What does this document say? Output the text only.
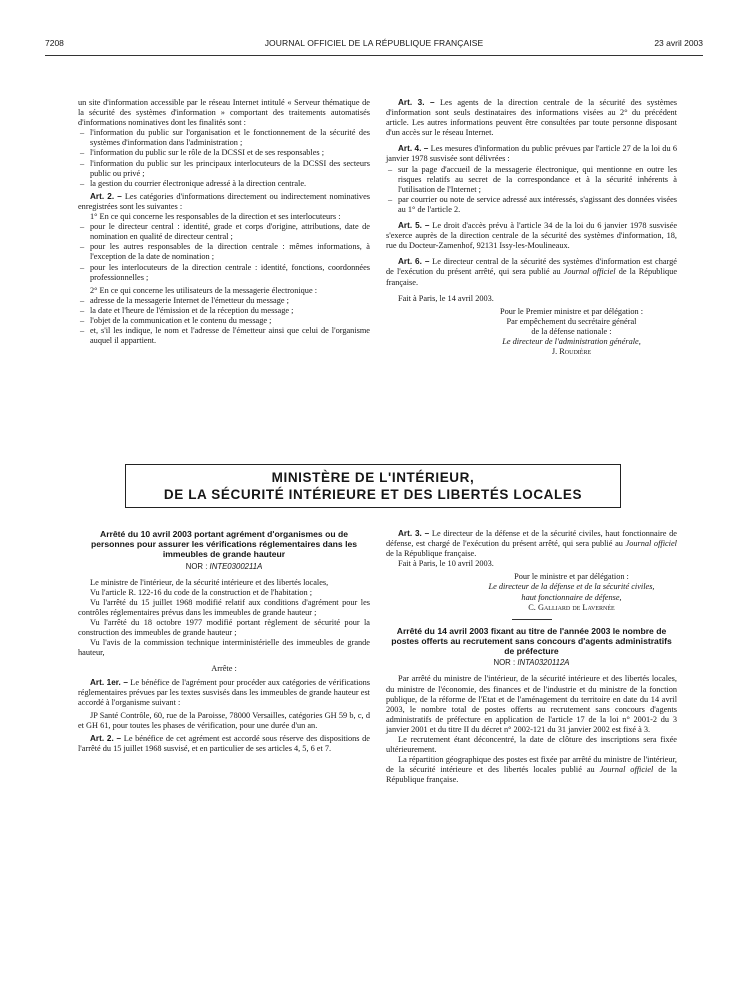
7208	JOURNAL OFFICIEL DE LA RÉPUBLIQUE FRANÇAISE	23 avril 2003

un site d'information accessible par le réseau Internet intitulé « Serveur thématique de la sécurité des systèmes d'information » comportant des traitements automatisés d'informations nominatives dont les finalités sont :

– l'information du public sur l'organisation et le fonctionnement de la sécurité des systèmes d'information dans l'administration ;
– l'information du public sur le rôle de la DCSSI et de ses responsables ;
– l'information du public sur les principaux interlocuteurs de la DCSSI des secteurs public ou privé ;
– la gestion du courrier électronique adressé à la direction centrale.

Art. 2. – Les catégories d'informations directement ou indirectement nominatives enregistrées sont les suivantes :

1° En ce qui concerne les responsables de la direction et ses interlocuteurs :

– pour le directeur central : identité, grade et corps d'origine, attributions, date de nomination en qualité de directeur central ;
– pour les autres responsables de la direction centrale : mêmes informations, à l'exception de la date de nomination ;
– pour les interlocuteurs de la direction centrale : identité, fonctions, coordonnées professionnelles ;

2° En ce qui concerne les utilisateurs de la messagerie électronique :

– adresse de la messagerie Internet de l'émetteur du message ;
– la date et l'heure de l'émission et de la réception du message ;
– l'objet de la communication et le contenu du message ;
– et, s'il les indique, le nom et l'adresse de l'émetteur ainsi que celui de l'organisme auquel il appartient.

Art. 3. – Les agents de la direction centrale de la sécurité des systèmes d'information sont seuls destinataires des informations visées au 2° du précédent article. Les autres informations peuvent être consultées par toute personne disposant d'un accès sur le réseau Internet.

Art. 4. – Les mesures d'information du public prévues par l'article 27 de la loi du 6 janvier 1978 susvisée sont délivrées :

– sur la page d'accueil de la messagerie électronique, qui mentionne en outre les risques relatifs au secret de la correspondance et à la sécurité inhérents à l'utilisation de l'Internet ;
– par courrier ou note de service adressé aux intéressés, s'agissant des données visées au 1° de l'article 2.

Art. 5. – Le droit d'accès prévu à l'article 34 de la loi du 6 janvier 1978 susvisée s'exerce auprès de la direction centrale de la sécurité des systèmes d'information, 18, rue du Docteur-Zamenhof, 92131 Issy-les-Moulineaux.

Art. 6. – Le directeur central de la sécurité des systèmes d'information est chargé de l'exécution du présent arrêté, qui sera publié au Journal officiel de la République française.

Fait à Paris, le 14 avril 2003.

Pour le Premier ministre et par délégation :

Par empêchement du secrétaire général

de la défense nationale :

Le directeur de l'administration générale,

J. Roudière

MINISTÈRE DE L'INTÉRIEUR,
DE LA SÉCURITÉ INTÉRIEURE ET DES LIBERTÉS LOCALES

Arrêté du 10 avril 2003 portant agrément d'organismes ou de personnes pour assurer les vérifications réglementaires dans les immeubles de grande hauteur

NOR : INTE0300211A

Le ministre de l'intérieur, de la sécurité intérieure et des libertés locales,

Vu l'article R. 122-16 du code de la construction et de l'habitation ;

Vu l'arrêté du 15 juillet 1968 modifié relatif aux conditions d'agrément pour les contrôles réglementaires prévus dans les immeubles de grande hauteur ;

Vu l'arrêté du 18 octobre 1977 modifié portant règlement de sécurité pour la construction des immeubles de grande hauteur ;

Vu l'avis de la commission technique interministérielle des immeubles de grande hauteur,

Arrête :

Art. 1er. – Le bénéfice de l'agrément pour procéder aux catégories de vérifications réglementaires prévues par les textes susvisés dans les immeubles de grande hauteur est accordé à l'organisme suivant :

JP Santé Contrôle, 60, rue de la Paroisse, 78000 Versailles, catégories GH 59 b, c, d et GH 61, pour toutes les phases de vérification, pour une durée d'un an.

Art. 2. – Le bénéfice de cet agrément est accordé sous réserve des dispositions de l'arrêté du 15 juillet 1968 susvisé, et en particulier de ses articles 4, 5, 6 et 7.

Art. 3. – Le directeur de la défense et de la sécurité civiles, haut fonctionnaire de défense, est chargé de l'exécution du présent arrêté, qui sera publié au Journal officiel de la République française.

Fait à Paris, le 10 avril 2003.

Pour le ministre et par délégation :

Le directeur de la défense et de la sécurité civiles,

haut fonctionnaire de défense,

C. Galliard de Lavernée

Arrêté du 14 avril 2003 fixant au titre de l'année 2003 le nombre de postes offerts au recrutement sans concours d'agents administratifs de préfecture

NOR : INTA0320112A

Par arrêté du ministre de l'intérieur, de la sécurité intérieure et des libertés locales, du ministre de l'économie, des finances et de l'industrie et du ministre de la fonction publique, de la réforme de l'Etat et de l'aménagement du territoire en date du 14 avril 2003, le nombre total de postes offerts au recrutement sans concours d'agents administratifs de préfecture en application de l'article 17 de la loi n° 2001-2 du 3 janvier 2001 et du titre II du décret n° 2002-121 du 31 janvier 2002 est fixé à 3.

Le recrutement étant déconcentré, la date de clôture des inscriptions sera fixée ultérieurement.

La répartition géographique des postes est fixée par arrêté du ministre de l'intérieur, de la sécurité intérieure et des libertés locales publié au Journal officiel de la République française.
